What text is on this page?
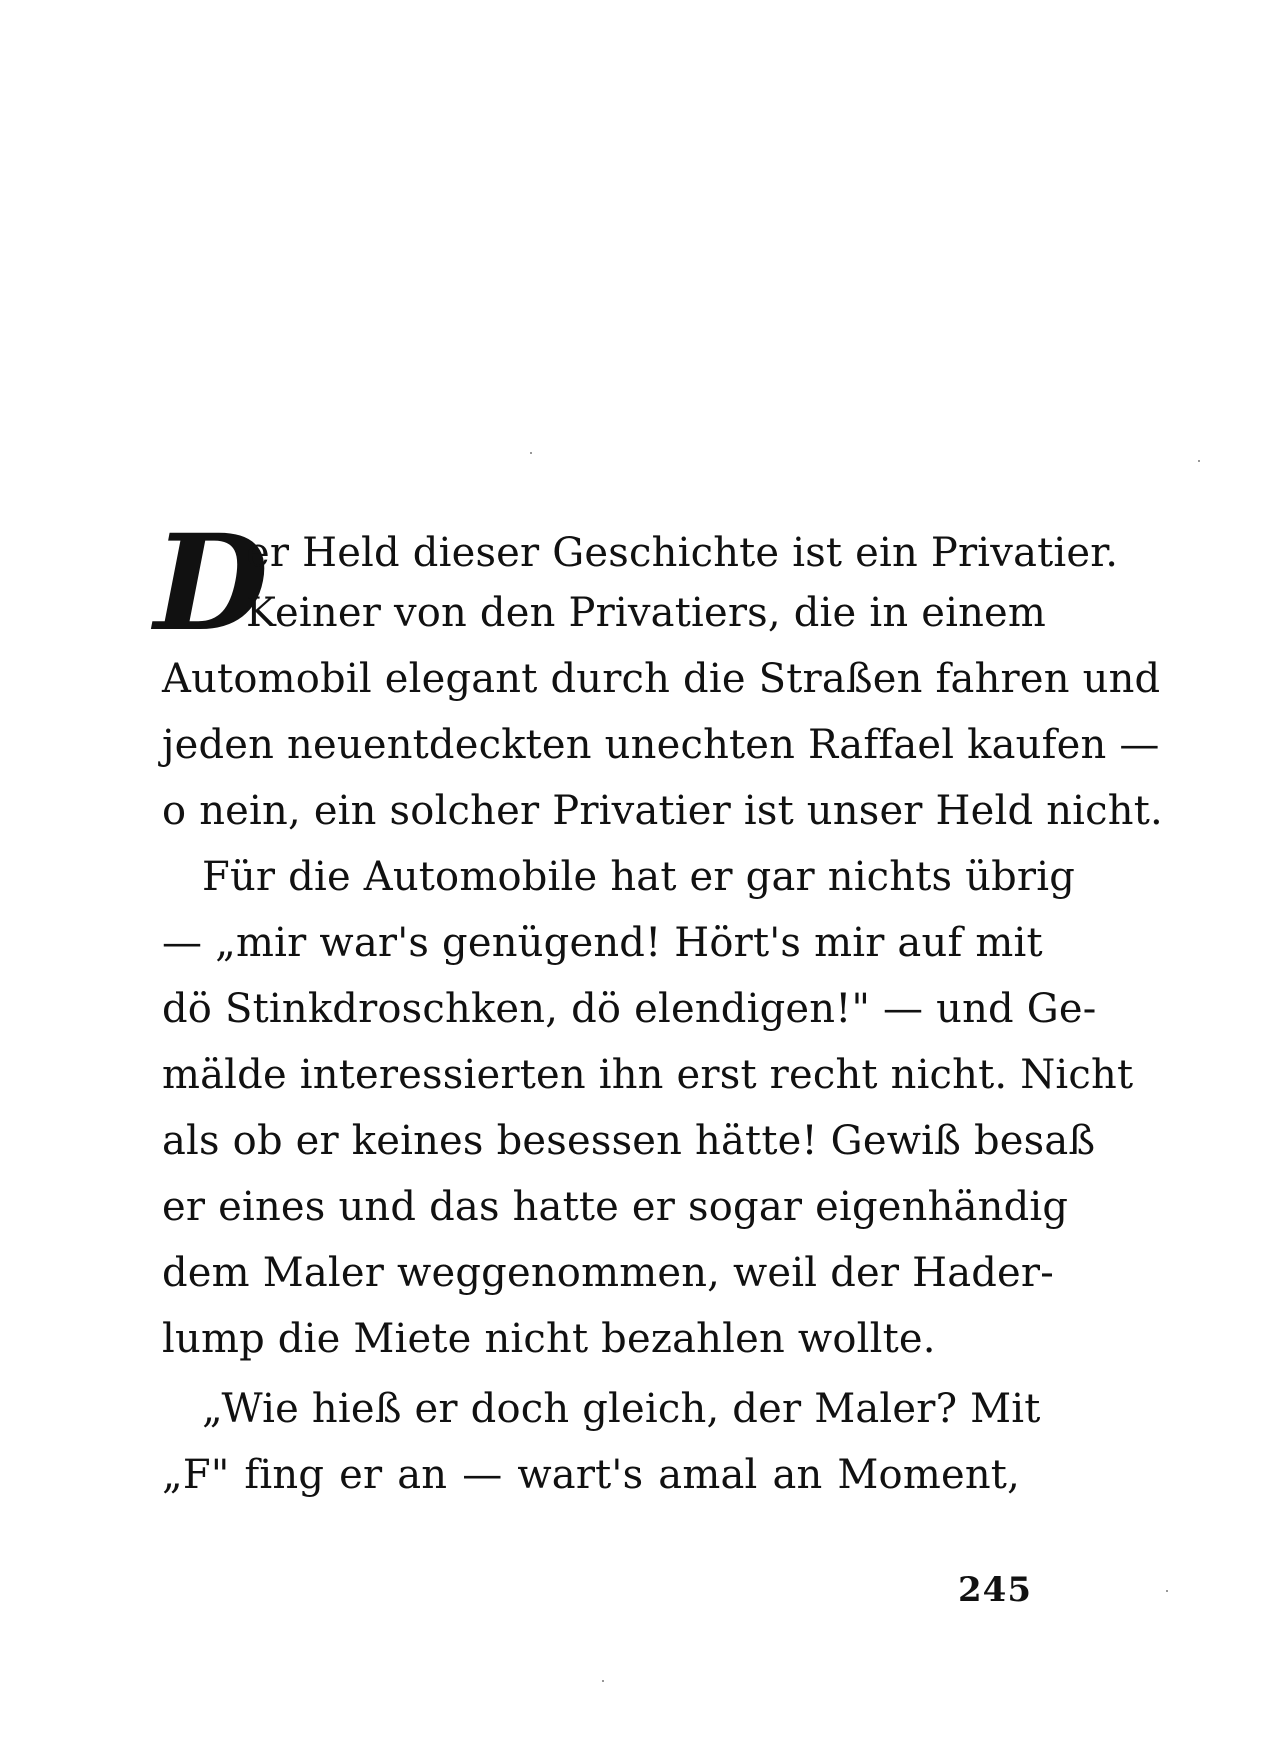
D
er Held dieser Geschichte ist ein Privatier.
Keiner von den Privatiers, die in einem
Automobil elegant durch die Straßen fahren und
jeden neuentdeckten unechten Raffael kaufen —
o nein, ein solcher Privatier ist unser Held nicht.
Für die Automobile hat er gar nichts übrig
— „mir war's genügend! Hört's mir auf mit
dö Stinkdroschken, dö elendigen!" — und Ge-
mälde interessierten ihn erst recht nicht. Nicht
als ob er keines besessen hätte! Gewiß besaß
er eines und das hatte er sogar eigenhändig
dem Maler weggenommen, weil der Hader-
lump die Miete nicht bezahlen wollte.
„Wie hieß er doch gleich, der Maler? Mit
„F" fing er an — wart's amal an Moment,
245
